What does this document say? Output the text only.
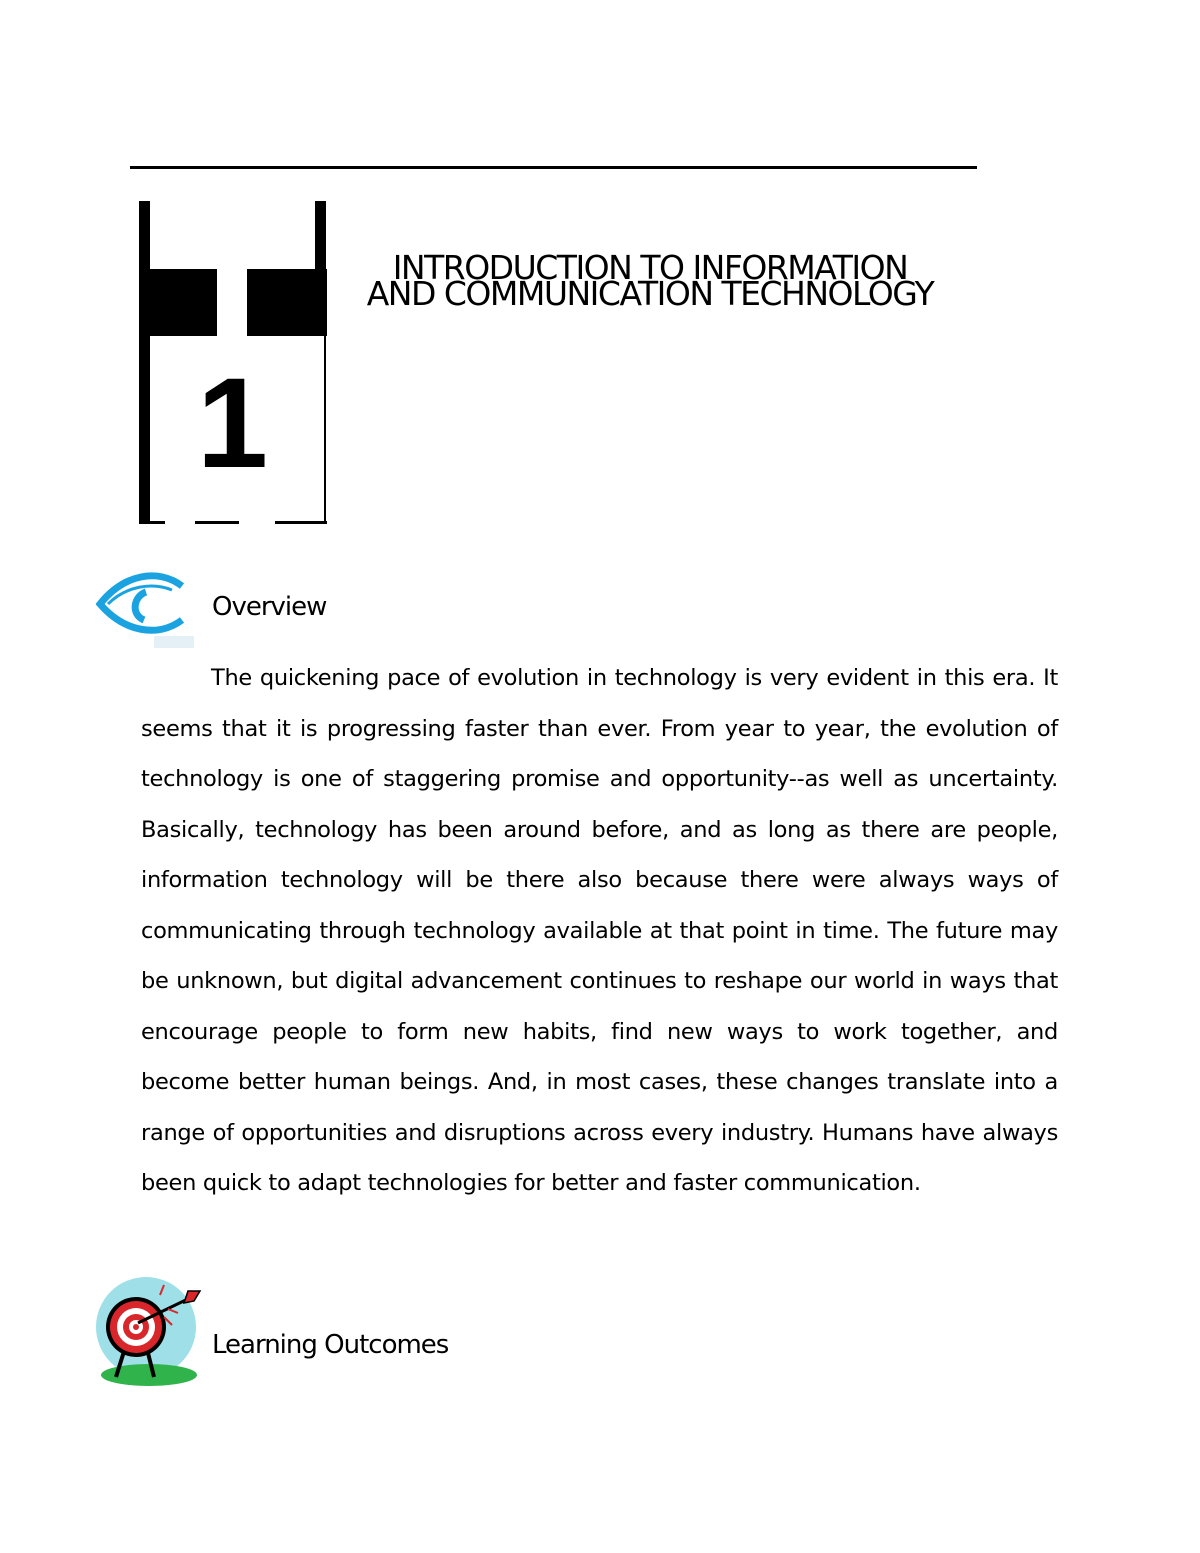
1
INTRODUCTION TO INFORMATION AND COMMUNICATION TECHNOLOGY
Overview

The quickening pace of evolution in technology is very evident in this era. It seems that it is progressing faster than ever. From year to year, the evolution of technology is one of staggering promise and opportunity--as well as uncertainty. Basically, technology has been around before, and as long as there are people, information technology will be there also because there were always ways of communicating through technology available at that point in time. The future may be unknown, but digital advancement continues to reshape our world in ways that encourage people to form new habits, find new ways to work together, and become better human beings. And, in most cases, these changes translate into a range of opportunities and disruptions across every industry. Humans have always been quick to adapt technologies for better and faster communication.

Learning Outcomes
